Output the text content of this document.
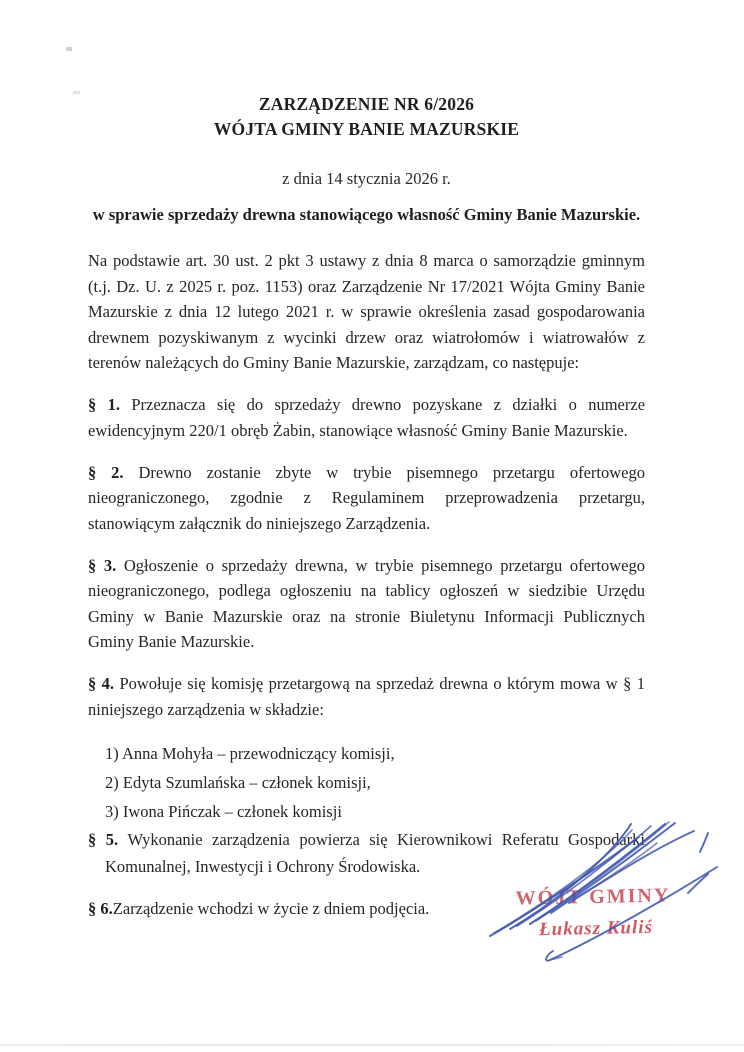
ZARZĄDZENIE NR 6/2026
WÓJTA GMINY BANIE MAZURSKIE
z dnia 14 stycznia 2026 r.
w sprawie sprzedaży drewna stanowiącego własność Gminy Banie Mazurskie.

Na podstawie art. 30 ust. 2 pkt 3 ustawy z dnia 8 marca o samorządzie gminnym (t.j. Dz. U. z 2025 r. poz. 1153) oraz Zarządzenie Nr 17/2021 Wójta Gminy Banie Mazurskie z dnia 12 lutego 2021 r. w sprawie określenia zasad gospodarowania drewnem pozyskiwanym z wycinki drzew oraz wiatrołomów i wiatrowałów z terenów należących do Gminy Banie Mazurskie, zarządzam, co następuje:

§ 1. Przeznacza się do sprzedaży drewno pozyskane z działki o numerze ewidencyjnym 220/1 obręb Żabin, stanowiące własność Gminy Banie Mazurskie.

§ 2. Drewno zostanie zbyte w trybie pisemnego przetargu ofertowego nieograniczonego, zgodnie z Regulaminem przeprowadzenia przetargu, stanowiącym załącznik do niniejszego Zarządzenia.

§ 3. Ogłoszenie o sprzedaży drewna, w trybie pisemnego przetargu ofertowego nieograniczonego, podlega ogłoszeniu na tablicy ogłoszeń w siedzibie Urzędu Gminy w Banie Mazurskie oraz na stronie Biuletynu Informacji Publicznych Gminy Banie Mazurskie.

§ 4. Powołuje się komisję przetargową na sprzedaż drewna o którym mowa w § 1 niniejszego zarządzenia w składzie:

1) Anna Mohyła – przewodniczący komisji,
2) Edyta Szumlańska – członek komisji,
3) Iwona Pińczak – członek komisji

§ 5. Wykonanie zarządzenia powierza się Kierownikowi Referatu Gospodarki Komunalnej, Inwestycji i Ochrony Środowiska.

§ 6.Zarządzenie wchodzi w życie z dniem podjęcia.	WÓJT GMINY
Łukasz Kuliś
